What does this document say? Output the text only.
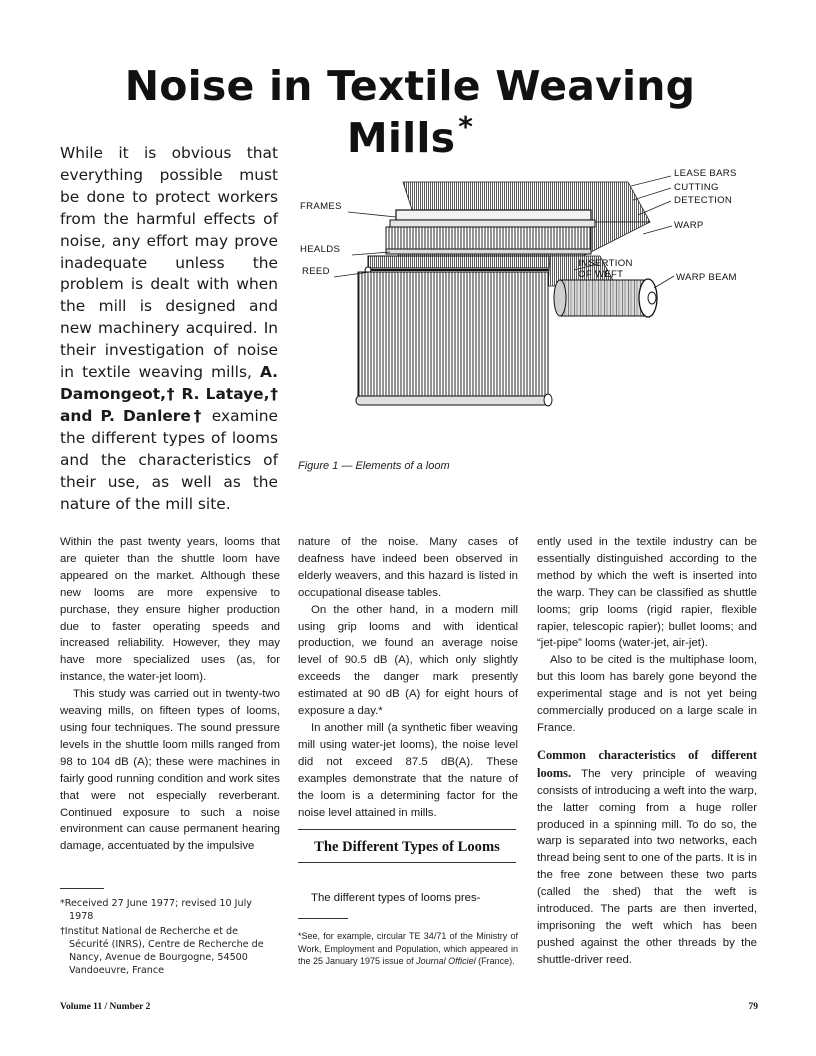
Noise in Textile Weaving Mills *

While it is obvious that everything possible must be done to protect workers from the harmful effects of noise, any effort may prove inadequate unless the problem is dealt with when the mill is designed and new machinery acquired. In their investigation of noise in textile weaving mills, A. Damongeot,† R. Lataye,† and P. Danlere† examine the different types of looms and the characteristics of their use, as well as the nature of the mill site.

FRAMES
HEALDS
REED
LEASE BARS
CUTTING
DETECTION
WARP
INSERTION
OF WEFT	WARP BEAM
Figure 1 — Elements of a loom

Within the past twenty years, looms that are quieter than the shuttle loom have appeared on the market. Although these new looms are more expensive to purchase, they ensure higher production due to faster operating speeds and increased reliability. However, they may have more specialized uses (as, for instance, the water-jet loom).

This study was carried out in twenty-two weaving mills, on fifteen types of looms, using four techniques. The sound pressure levels in the shuttle loom mills ranged from 98 to 104 dB (A); these were machines in fairly good running condition and work sites that were not especially reverberant. Continued exposure to such a noise environment can cause permanent hearing damage, accentuated by the impulsive

nature of the noise. Many cases of deafness have indeed been observed in elderly weavers, and this hazard is listed in occupational disease tables.

On the other hand, in a modern mill using grip looms and with identical production, we found an average noise level of 90.5 dB (A), which only slightly exceeds the danger mark presently estimated at 90 dB (A) for eight hours of exposure a day.*

In another mill (a synthetic fiber weaving mill using water-jet looms), the noise level did not exceed 87.5 dB(A). These examples demonstrate that the nature of the loom is a determining factor for the noise level attained in mills.

The Different Types of Looms
The different types of looms pres-

ently used in the textile industry can be essentially distinguished according to the method by which the weft is inserted into the warp. They can be classified as shuttle looms; grip looms (rigid rapier, flexible rapier, telescopic rapier); bullet looms; and “jet-pipe” looms (water-jet, air-jet).

Also to be cited is the multiphase loom, but this loom has barely gone beyond the experimental stage and is not yet being commercially produced on a large scale in France.

Common characteristics of different looms. The very principle of weaving consists of introducing a weft into the warp, the latter coming from a huge roller produced in a spinning mill. To do so, the warp is separated into two networks, each thread being sent to one of the parts. It is in the free zone between these two parts (called the shed) that the weft is introduced. The parts are then inverted, imprisoning the weft which has been pushed against the other threads by the shuttle-driver reed.

*Received 27 June 1977; revised 10 July 1978

†Institut National de Recherche et de Sécurité (INRS), Centre de Recherche de Nancy, Avenue de Bourgogne, 54500 Vandoeuvre, France

*See, for example, circular TE 34/71 of the Ministry of Work, Employment and Population, which appeared in the 25 January 1975 issue of Journal Officiel (France).

Volume 11 / Number 2	79
